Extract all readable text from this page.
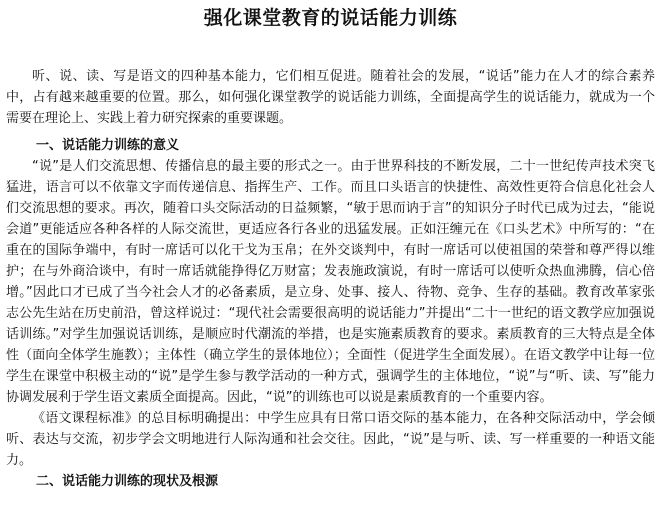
强化课堂教育的说话能力训练

听、说、读、写是语文的四种基本能力，它们相互促进。随着社会的发展，“说话”能力在人才的综合素养中，占有越来越重要的位置。那么，如何强化课堂教学的说话能力训练，全面提高学生的说话能力，就成为一个需要在理论上、实践上着力研究探索的重要课题。

一、说话能力训练的意义

“说”是人们交流思想、传播信息的最主要的形式之一。由于世界科技的不断发展，二十一世纪传声技术突飞猛进，语言可以不依靠文字而传递信息、指挥生产、工作。而且口头语言的快捷性、高效性更符合信息化社会人们交流思想的要求。再次，随着口头交际活动的日益频繁，“敏于思而讷于言”的知识分子时代已成为过去，“能说会道”更能适应各种各样的人际交流世，更适应各行各业的迅猛发展。正如汪缠元在《口头艺术》中所写的：“在重在的国际争端中，有时一席话可以化干戈为玉帛；在外交谈判中，有时一席话可以使祖国的荣誉和尊严得以维护；在与外商洽谈中，有时一席话就能挣得亿万财富；发表施政演说，有时一席话可以使听众热血沸腾，信心倍增。”因此口才已成了当今社会人才的必备素质，是立身、处事、接人、待物、竞争、生存的基础。教育改革家张志公先生站在历史前沿，曾这样说过：“现代社会需要很高明的说话能力”并提出“二十一世纪的语文教学应加强说话训练。”对学生加强说话训练，是顺应时代潮流的举措，也是实施素质教育的要求。素质教育的三大特点是全体性（面向全体学生施教）；主体性（确立学生的景体地位）；全面性（促进学生全面发展）。在语文教学中让每一位学生在课堂中积极主动的“说”是学生参与教学活动的一种方式，强调学生的主体地位，“说”与“听、读、写”能力协调发展利于学生语文素质全面提高。因此，“说”的训练也可以说是素质教育的一个重要内容。

《语文课程标准》的总目标明确提出：中学生应具有日常口语交际的基本能力，在各种交际活动中，学会倾听、表达与交流，初步学会文明地进行人际沟通和社会交往。因此，“说”是与听、读、写一样重要的一种语文能力。

二、说话能力训练的现状及根源
